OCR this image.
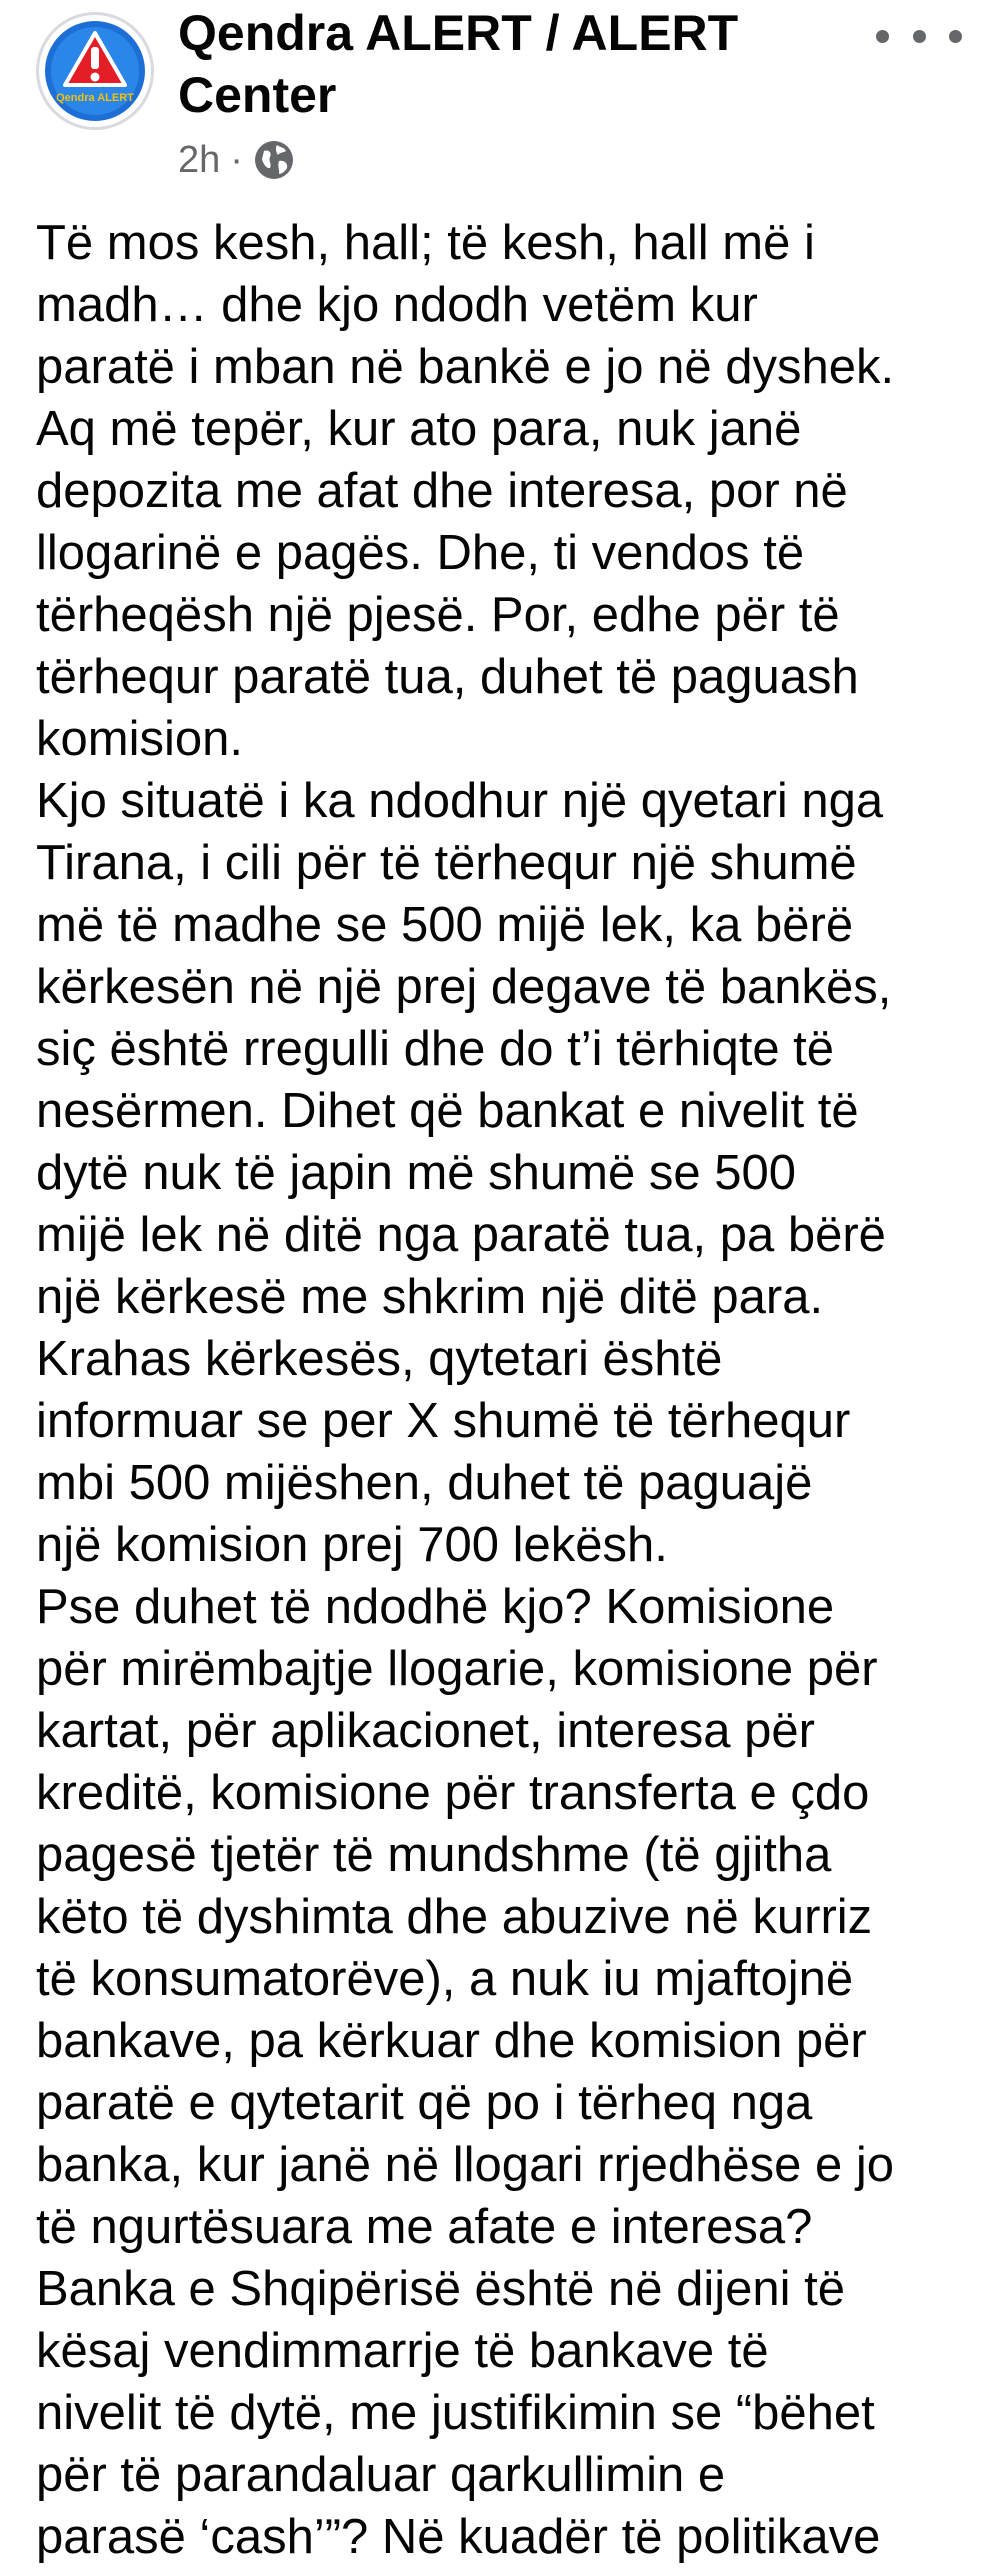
Qendra ALERT
Qendra ALERT / ALERT Center
2h ·
Të mos kesh, hall; të kesh, hall më i
madh… dhe kjo ndodh vetëm kur
paratë i mban në bankë e jo në dyshek.
Aq më tepër, kur ato para, nuk janë
depozita me afat dhe interesa, por në
llogarinë e pagës. Dhe, ti vendos të
tërheqësh një pjesë. Por, edhe për të
tërhequr paratë tua, duhet të paguash
komision.
Kjo situatë i ka ndodhur një qyetari nga
Tirana, i cili për të tërhequr një shumë
më të madhe se 500 mijë lek, ka bërë
kërkesën në një prej degave të bankës,
siç është rregulli dhe do t’i tërhiqte të
nesërmen. Dihet që bankat e nivelit të
dytë nuk të japin më shumë se 500
mijë lek në ditë nga paratë tua, pa bërë
një kërkesë me shkrim një ditë para.
Krahas kërkesës, qytetari është
informuar se per X shumë të tërhequr
mbi 500 mijëshen, duhet të paguajë
një komision prej 700 lekësh.
Pse duhet të ndodhë kjo? Komisione
për mirëmbajtje llogarie, komisione për
kartat, për aplikacionet, interesa për
kreditë, komisione për transferta e çdo
pagesë tjetër të mundshme (të gjitha
këto të dyshimta dhe abuzive në kurriz
të konsumatorëve), a nuk iu mjaftojnë
bankave, pa kërkuar dhe komision për
paratë e qytetarit që po i tërheq nga
banka, kur janë në llogari rrjedhëse e jo
të ngurtësuara me afate e interesa?
Banka e Shqipërisë është në dijeni të
kësaj vendimmarrje të bankave të
nivelit të dytë, me justifikimin se “bëhet
për të parandaluar qarkullimin e
parasë ‘cash’”? Në kuadër të politikave
